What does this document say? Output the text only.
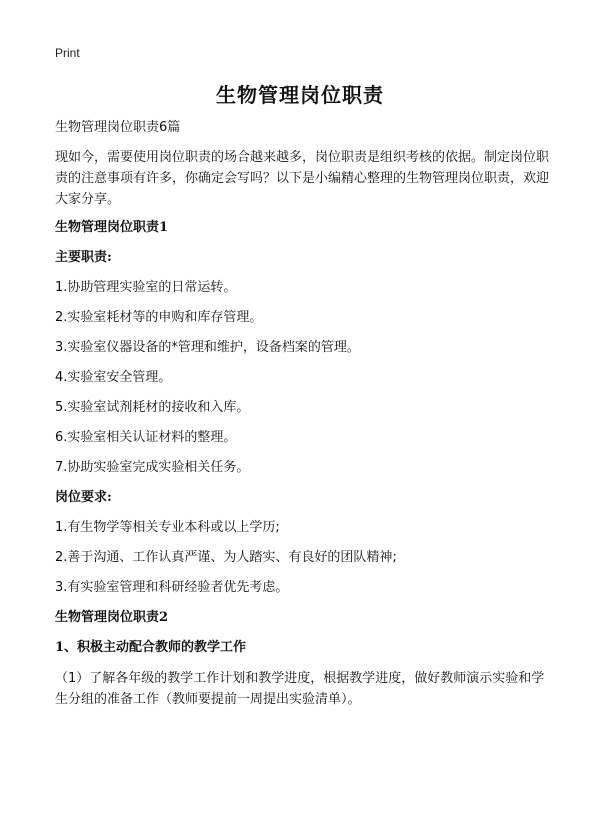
Print
生物管理岗位职责
生物管理岗位职责6篇
现如今，需要使用岗位职责的场合越来越多，岗位职责是组织考核的依据。制定岗位职责的注意事项有许多，你确定会写吗？以下是小编精心整理的生物管理岗位职责，欢迎大家分享。
生物管理岗位职责1
主要职责:
1.协助管理实验室的日常运转。
2.实验室耗材等的申购和库存管理。
3.实验室仪器设备的*管理和维护，设备档案的管理。
4.实验室安全管理。
5.实验室试剂耗材的接收和入库。
6.实验室相关认证材料的整理。
7.协助实验室完成实验相关任务。
岗位要求:
1.有生物学等相关专业本科或以上学历;
2.善于沟通、工作认真严谨、为人踏实、有良好的团队精神;
3.有实验室管理和科研经验者优先考虑。
生物管理岗位职责2
1、积极主动配合教师的教学工作
（1）了解各年级的教学工作计划和教学进度，根据教学进度，做好教师演示实验和学生分组的准备工作（教师要提前一周提出实验清单）。
